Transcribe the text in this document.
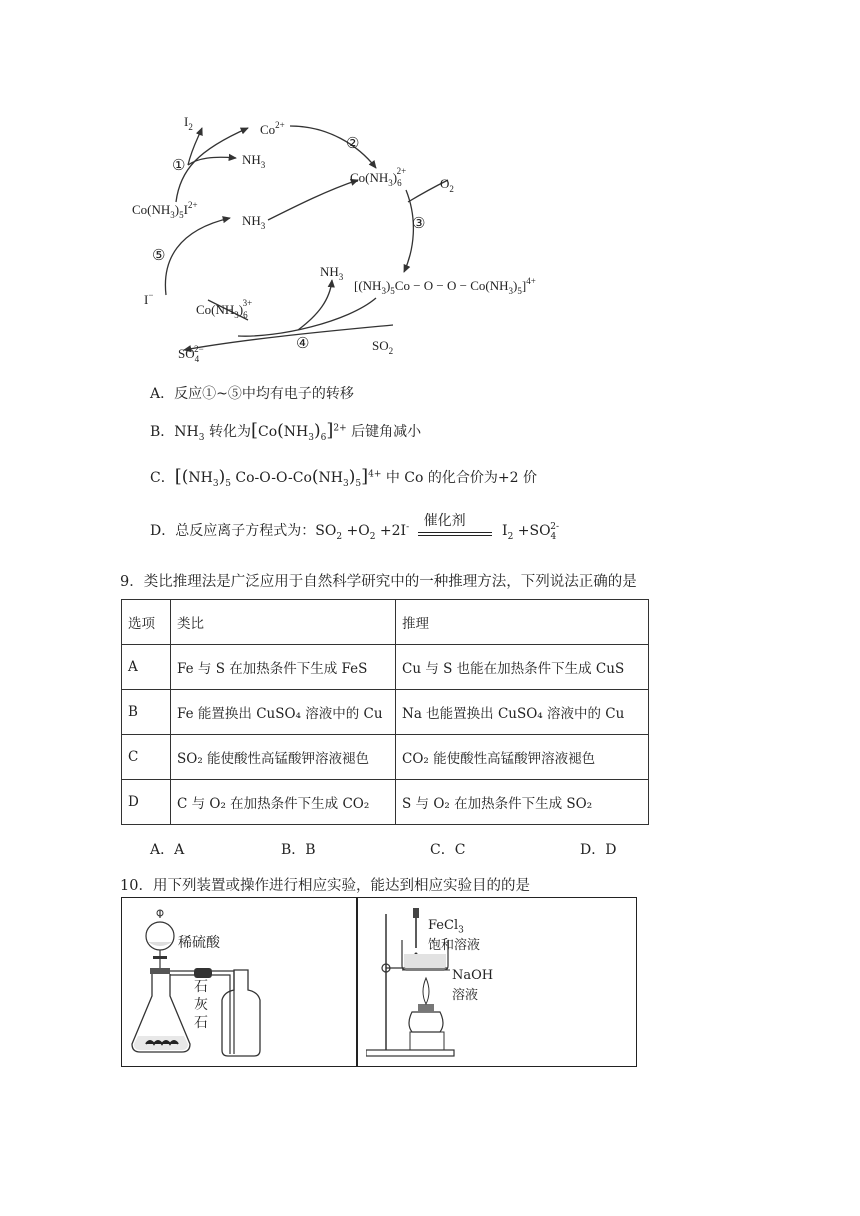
$I_2$	$Co^{2+}$
①	$NH_3$
②
$Co(NH_3)_62+$
$O_2$
③
$Co(NH_3)_5I^{2+}$
$NH_3$
⑤
$NH_3$
$[(NH_3)_5Co - O - O - Co(NH_3)_5]^{4+}$
I−
$Co(NH_3)_63+$
④	$SO_2$
$SO_42-$
A．反应①~⑤中均有电子的转移
B．$NH_3$ 转化为$[Co(NH_3)_6]^{2+}$ 后键角减小
C．[$(NH_3)_5$ $Co-O-O-Co(NH_3)_5]^{4+}$ 中 Co 的化合价为+2 价
D．总反应离子方程式为：$SO_2 +O_2 +2I^-$ 催化剂
$I_2 +SO_4^{2-}$
9．类比推理法是广泛应用于自然科学研究中的一种推理方法，下列说法正确的是
选项	类比	推理
A	Fe 与 S 在加热条件下生成 FeS	Cu 与 S 也能在加热条件下生成 CuS
B	Fe 能置换出 CuSO₄ 溶液中的 Cu	Na 也能置换出 CuSO₄ 溶液中的 Cu
C	SO₂ 能使酸性高锰酸钾溶液褪色	CO₂ 能使酸性高锰酸钾溶液褪色
D	C 与 O₂ 在加热条件下生成 CO₂	S 与 O₂ 在加热条件下生成 SO₂
A．A	B．B	C．C	D．D
10．用下列装置或操作进行相应实验，能达到相应实验目的的是
稀硫酸
石灰石
FeCl$_3$
饱和溶液
NaOH
溶液
